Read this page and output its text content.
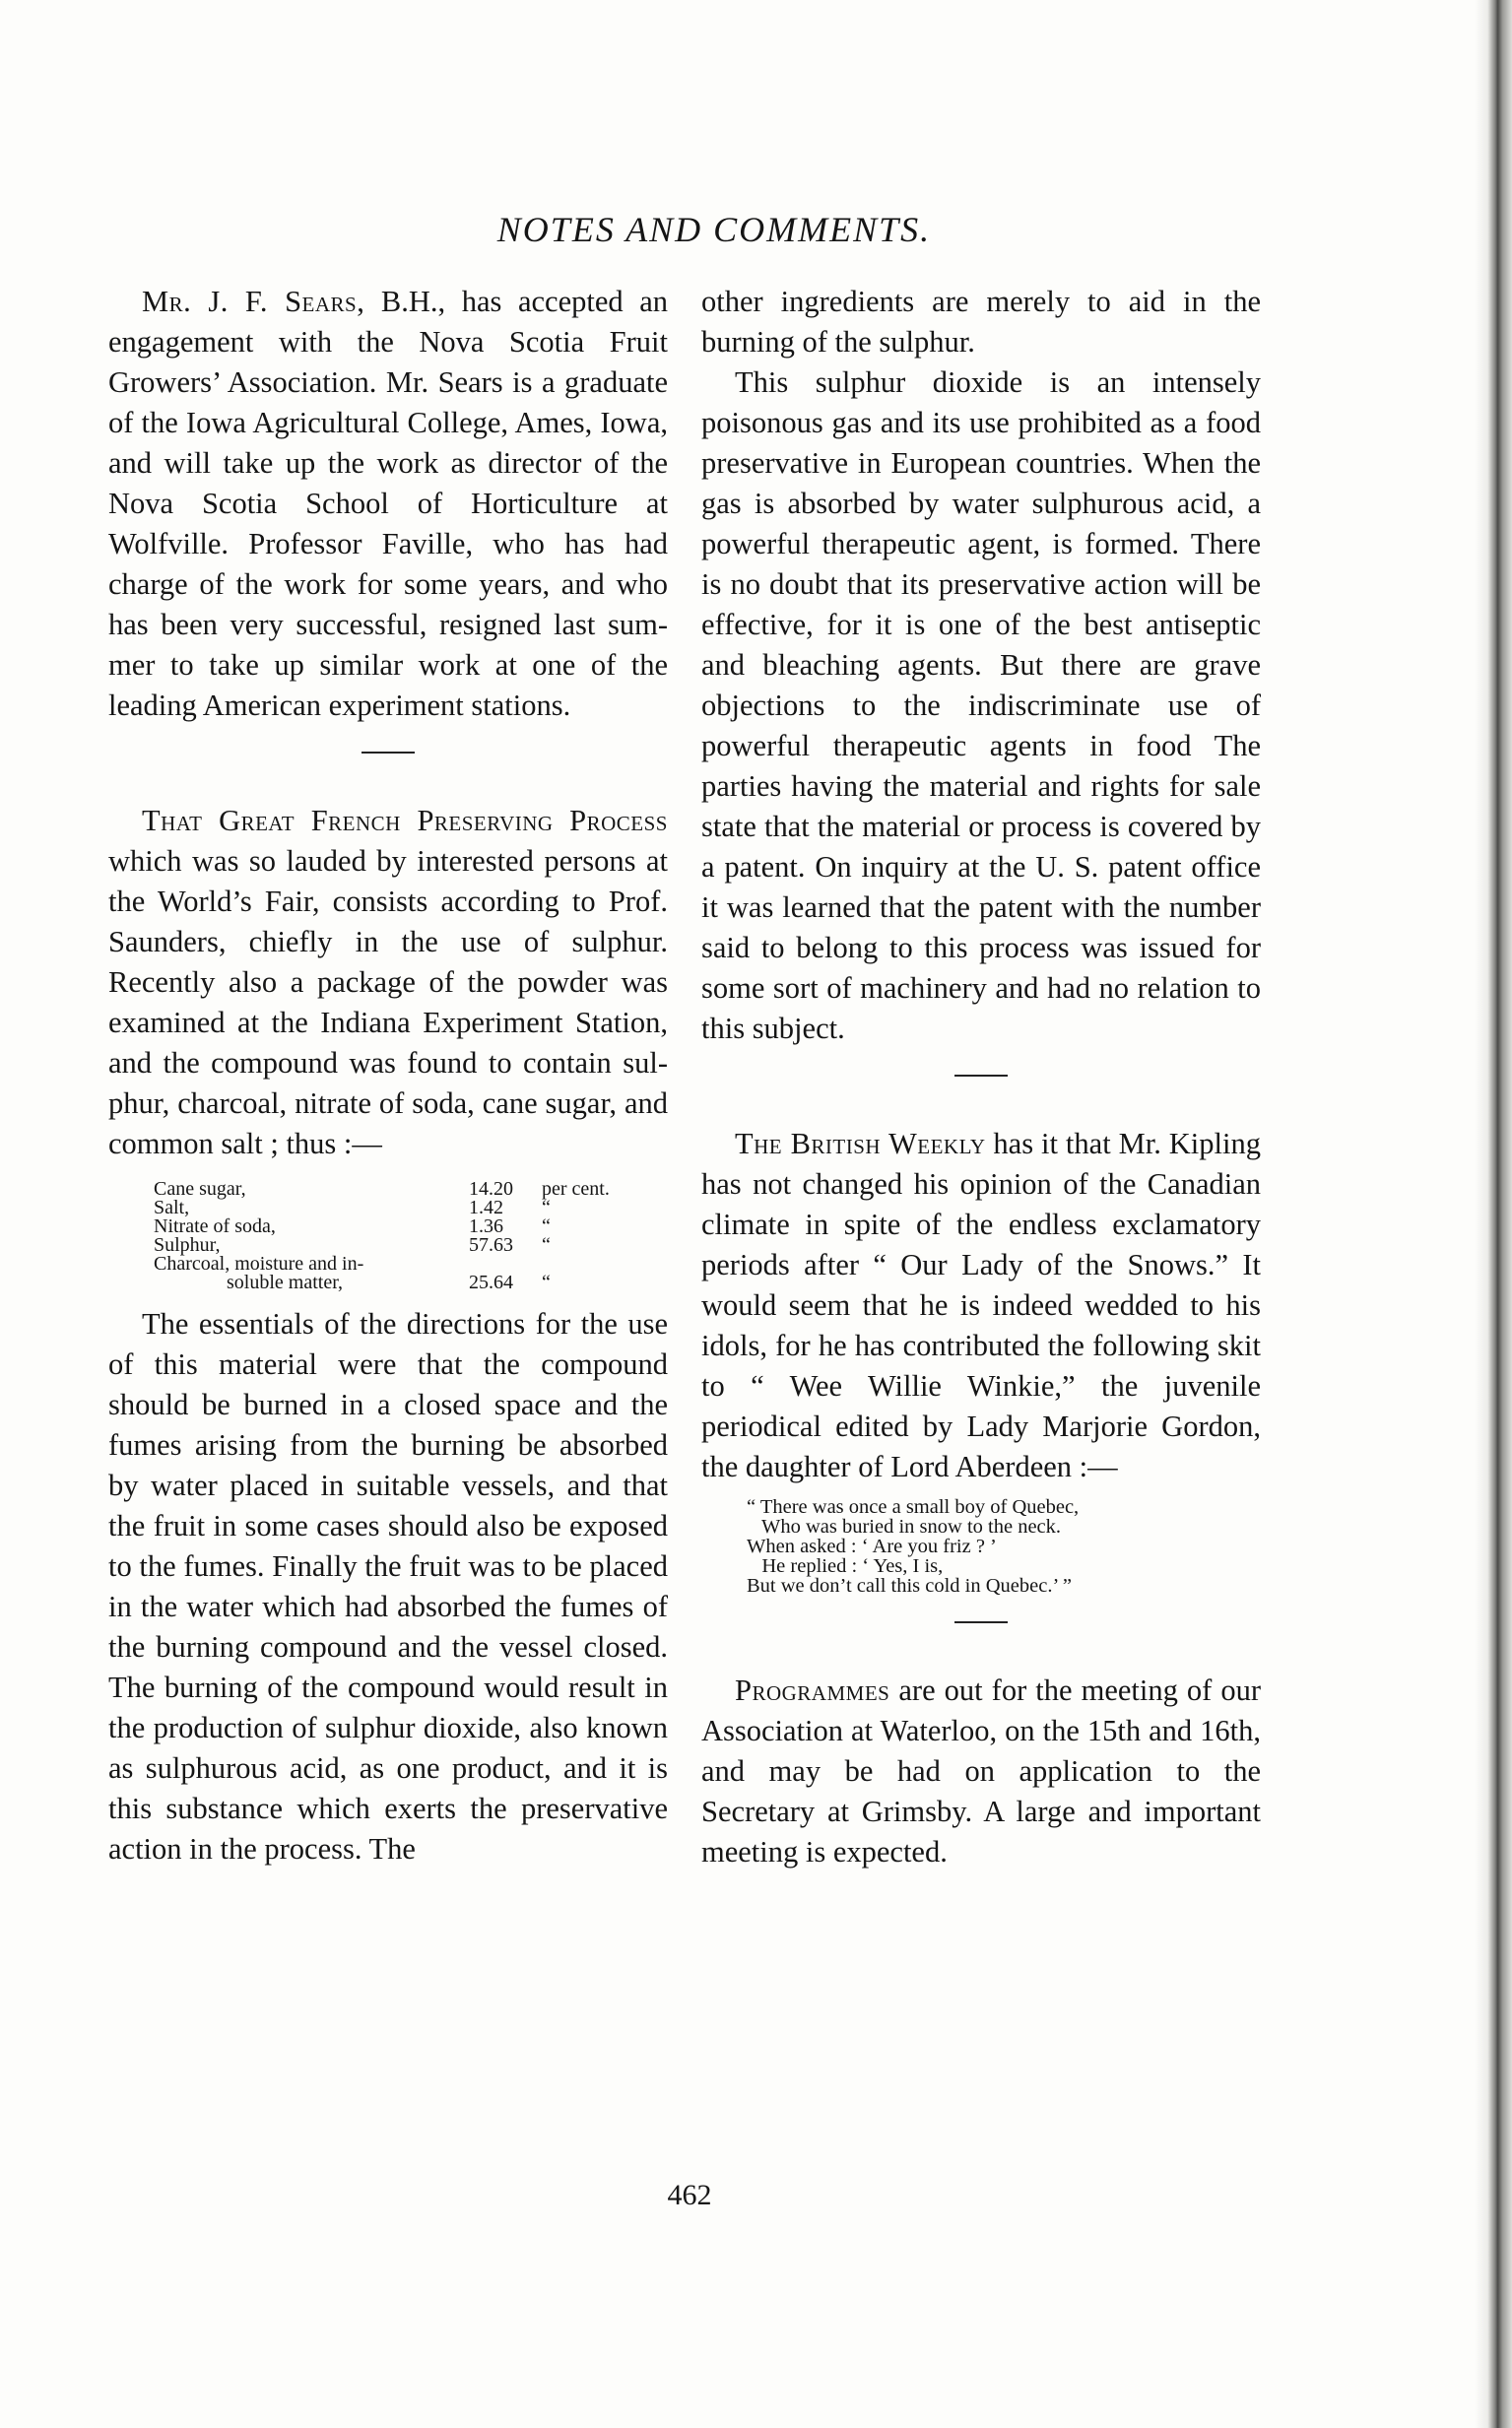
NOTES AND COMMENTS.

Mr. J. F. Sears, B.H., has accepted an engagement with the Nova Scotia Fruit Growers’ Association. Mr. Sears is a graduate of the Iowa Agricultural College, Ames, Iowa, and will take up the work as director of the Nova Scotia School of Horticulture at Wolfville. Professor Faville, who has had charge of the work for some years, and who has been very successful, resigned last summer to take up similar work at one of the leading American experiment stations.

That Great French Preserving Process which was so lauded by interested persons at the World’s Fair, consists according to Prof. Saunders, chiefly in the use of sulphur. Recently also a package of the powder was examined at the Indiana Experiment Station, and the compound was found to contain sulphur, charcoal, nitrate of soda, cane sugar, and common salt ; thus :—

Cane sugar,	14.20	per cent.
Salt,	1.42	“
Nitrate of soda,	1.36	“
Sulphur,	57.63	“
Charcoal, moisture and in-
soluble matter,	25.64	“

The essentials of the directions for the use of this material were that the compound should be burned in a closed space and the fumes arising from the burning be absorbed by water placed in suitable vessels, and that the fruit in some cases should also be exposed to the fumes. Finally the fruit was to be placed in the water which had absorbed the fumes of the burning compound and the vessel closed. The burning of the compound would result in the production of sulphur dioxide, also known as sulphurous acid, as one product, and it is this substance which exerts the preservative action in the process. The

other ingredients are merely to aid in the burning of the sulphur.

This sulphur dioxide is an intensely poisonous gas and its use prohibited as a food preservative in European countries. When the gas is absorbed by water sulphurous acid, a powerful therapeutic agent, is formed. There is no doubt that its preservative action will be effective, for it is one of the best antiseptic and bleaching agents. But there are grave objections to the indiscriminate use of powerful therapeutic agents in food The parties having the material and rights for sale state that the material or process is covered by a patent. On inquiry at the U. S. patent office it was learned that the patent with the number said to belong to this process was issued for some sort of machinery and had no relation to this subject.

The British Weekly has it that Mr. Kipling has not changed his opinion of the Canadian climate in spite of the endless exclamatory periods after “ Our Lady of the Snows.” It would seem that he is indeed wedded to his idols, for he has contributed the following skit to “ Wee Willie Winkie,” the juvenile periodical edited by Lady Marjorie Gordon, the daughter of Lord Aberdeen :—

“ There was once a small boy of Quebec,
Who was buried in snow to the neck.
When asked : ‘ Are you friz ? ’
He replied : ‘ Yes, I is,
But we don’t call this cold in Quebec.’ ”

Programmes are out for the meeting of our Association at Waterloo, on the 15th and 16th, and may be had on application to the Secretary at Grimsby. A large and important meeting is expected.

462
